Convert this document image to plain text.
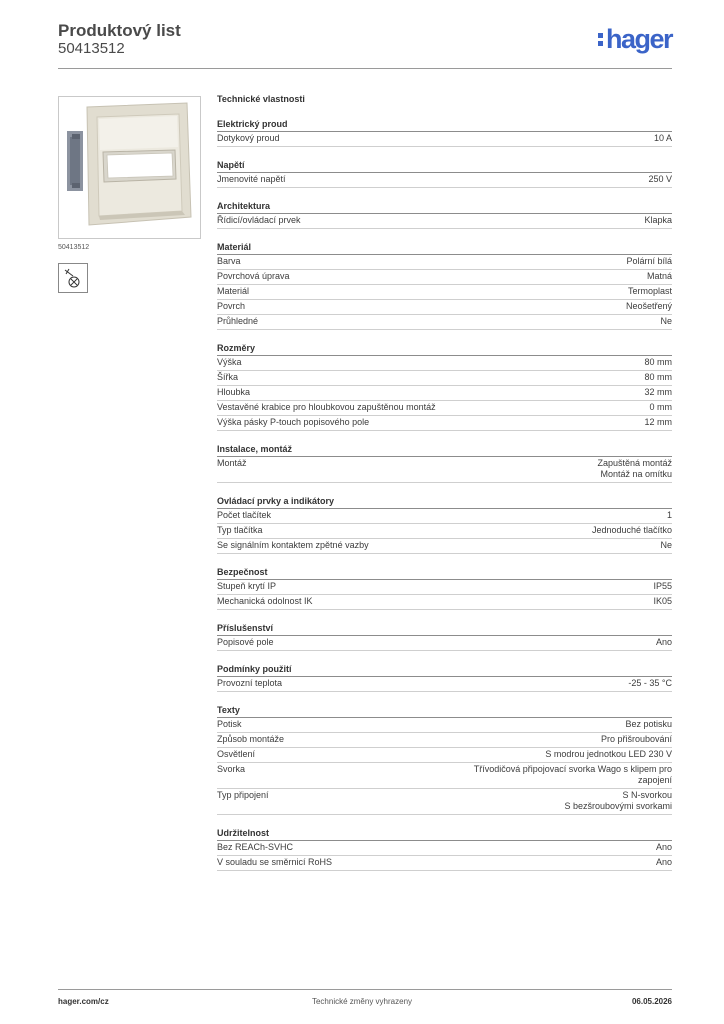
Produktový list
50413512	hager
50413512
Technické vlastnosti
Elektrický proud
Dotykový proud	10 A
Napětí
Jmenovité napětí	250 V
Architektura
Řídicí/ovládací prvek	Klapka
Materiál
Barva	Polární bílá
Povrchová úprava	Matná
Materiál	Termoplast
Povrch	Neošetřený
Průhledné	Ne
Rozměry
Výška	80 mm
Šířka	80 mm
Hloubka	32 mm
Vestavěné krabice pro hloubkovou zapuštěnou montáž	0 mm
Výška pásky P-touch popisového pole	12 mm
Instalace, montáž
Montáž	Zapuštěná montáž
Montáž na omítku
Ovládací prvky a indikátory
Počet tlačítek	1
Typ tlačítka	Jednoduché tlačítko
Se signálním kontaktem zpětné vazby	Ne
Bezpečnost
Stupeň krytí IP	IP55
Mechanická odolnost IK	IK05
Příslušenství
Popisové pole	Ano
Podmínky použití
Provozní teplota	-25 - 35 °C
Texty
Potisk	Bez potisku
Způsob montáže	Pro přišroubování
Osvětlení	S modrou jednotkou LED 230 V
Svorka	Třívodičová připojovací svorka Wago s klipem pro
zapojení
Typ připojení	S N-svorkou
S bezšroubovými svorkami
Udržitelnost
Bez REACh-SVHC	Ano
V souladu se směrnicí RoHS	Ano
Technické změny vyhrazeny
hager.com/cz	06.05.2026
